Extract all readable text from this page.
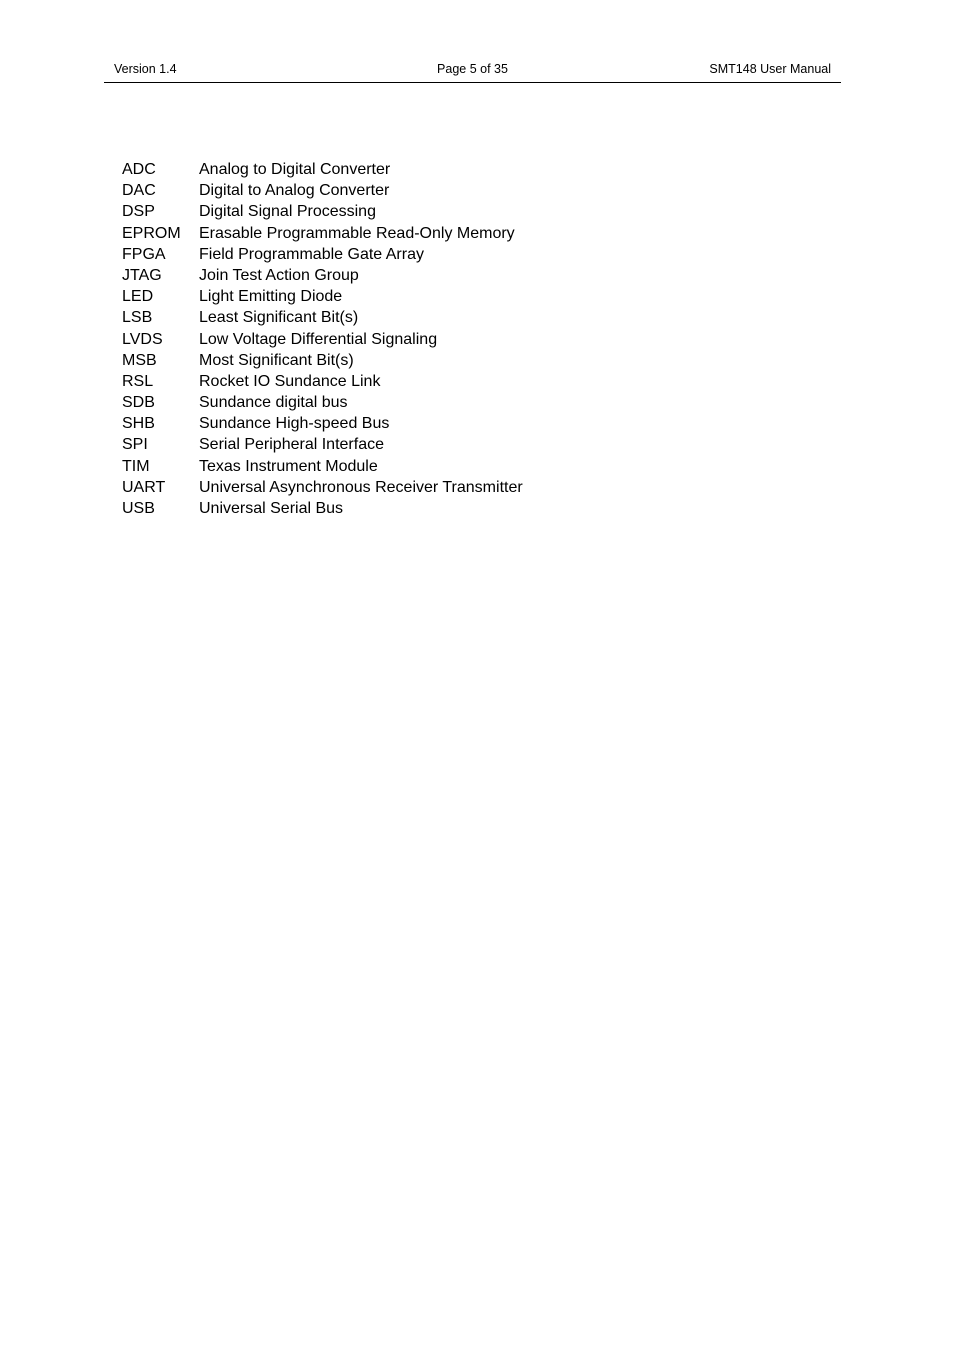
Version 1.4	Page 5 of 35	SMT148 User Manual
ADC	Analog to Digital Converter
DAC	Digital to Analog Converter
DSP	Digital Signal Processing
EPROM	Erasable Programmable Read-Only Memory
FPGA	Field Programmable Gate Array
JTAG	Join Test Action Group
LED	Light Emitting Diode
LSB	Least Significant Bit(s)
LVDS	Low Voltage Differential Signaling
MSB	Most Significant Bit(s)
RSL	Rocket IO Sundance Link
SDB	Sundance digital bus
SHB	Sundance High-speed Bus
SPI	Serial Peripheral Interface
TIM	Texas Instrument Module
UART	Universal Asynchronous Receiver Transmitter
USB	Universal Serial Bus
